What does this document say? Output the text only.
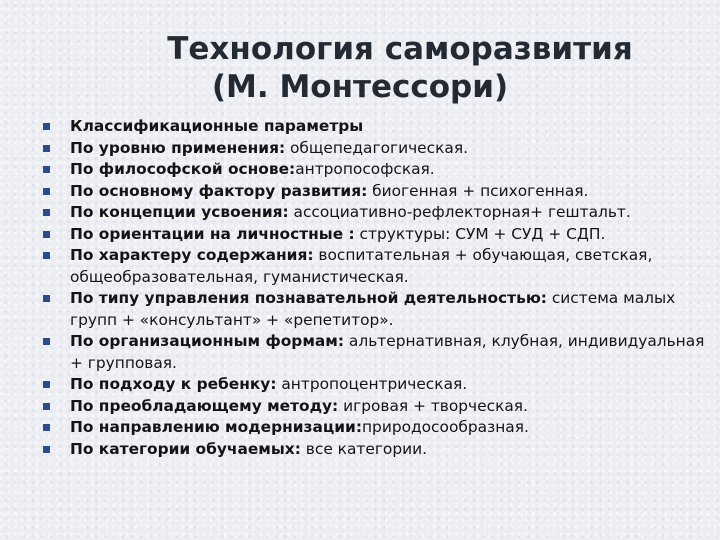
Технология саморазвития
(М. Монтессори)
Классификационные параметры
По уровню применения: общепедагогическая.
По философской основе:антропософская.
По основному фактору развития: биогенная + психогенная.
По концепции усвоения: ассоциативно-рефлекторная+ гештальт.
По ориентации на личностные : структуры: СУМ + СУД + СДП.
По характеру содержания: воспитательная + обучающая, светская, общеобразовательная, гуманистическая.
По типу управления познавательной деятельностью: система малых групп + «консультант» + «репетитор».
По организационным формам: альтернативная, клубная, индивидуальная + групповая.
По подходу к ребенку: антропоцентрическая.
По преобладающему методу: игровая + творческая.
По направлению модернизации:природосообразная.
По категории обучаемых: все категории.
